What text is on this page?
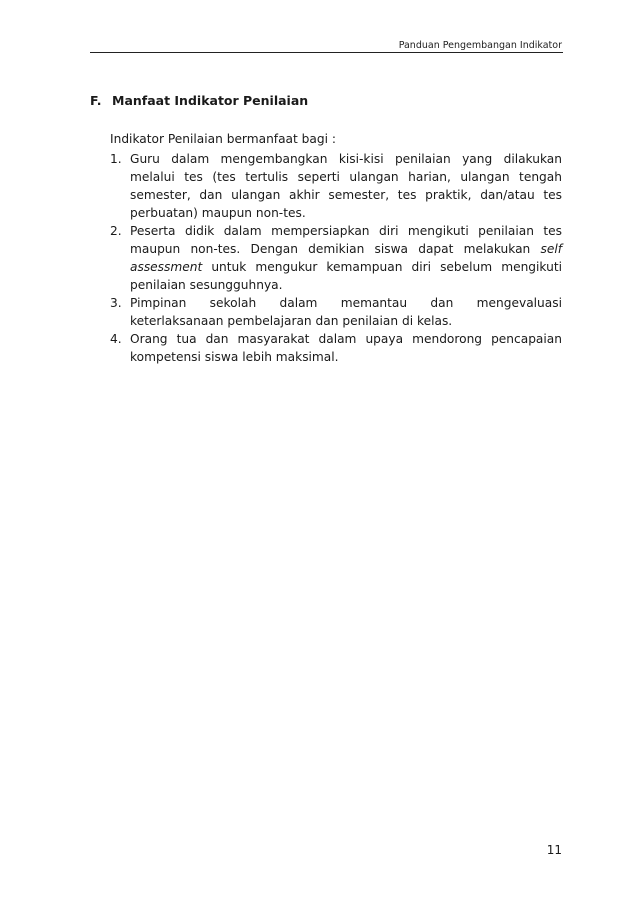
Panduan Pengembangan Indikator
F. Manfaat Indikator Penilaian

Indikator Penilaian bermanfaat bagi :

1. Guru dalam mengembangkan kisi-kisi penilaian yang dilakukan melalui tes (tes tertulis seperti ulangan harian, ulangan tengah semester, dan ulangan akhir semester, tes praktik, dan/atau tes perbuatan) maupun non-tes.
2. Peserta didik dalam mempersiapkan diri mengikuti penilaian tes maupun non-tes. Dengan demikian siswa dapat melakukan self assessment untuk mengukur kemampuan diri sebelum mengikuti penilaian sesungguhnya.
3. Pimpinan sekolah dalam memantau dan mengevaluasi keterlaksanaan pembelajaran dan penilaian di kelas.
4. Orang tua dan masyarakat dalam upaya mendorong pencapaian kompetensi siswa lebih maksimal.
11
